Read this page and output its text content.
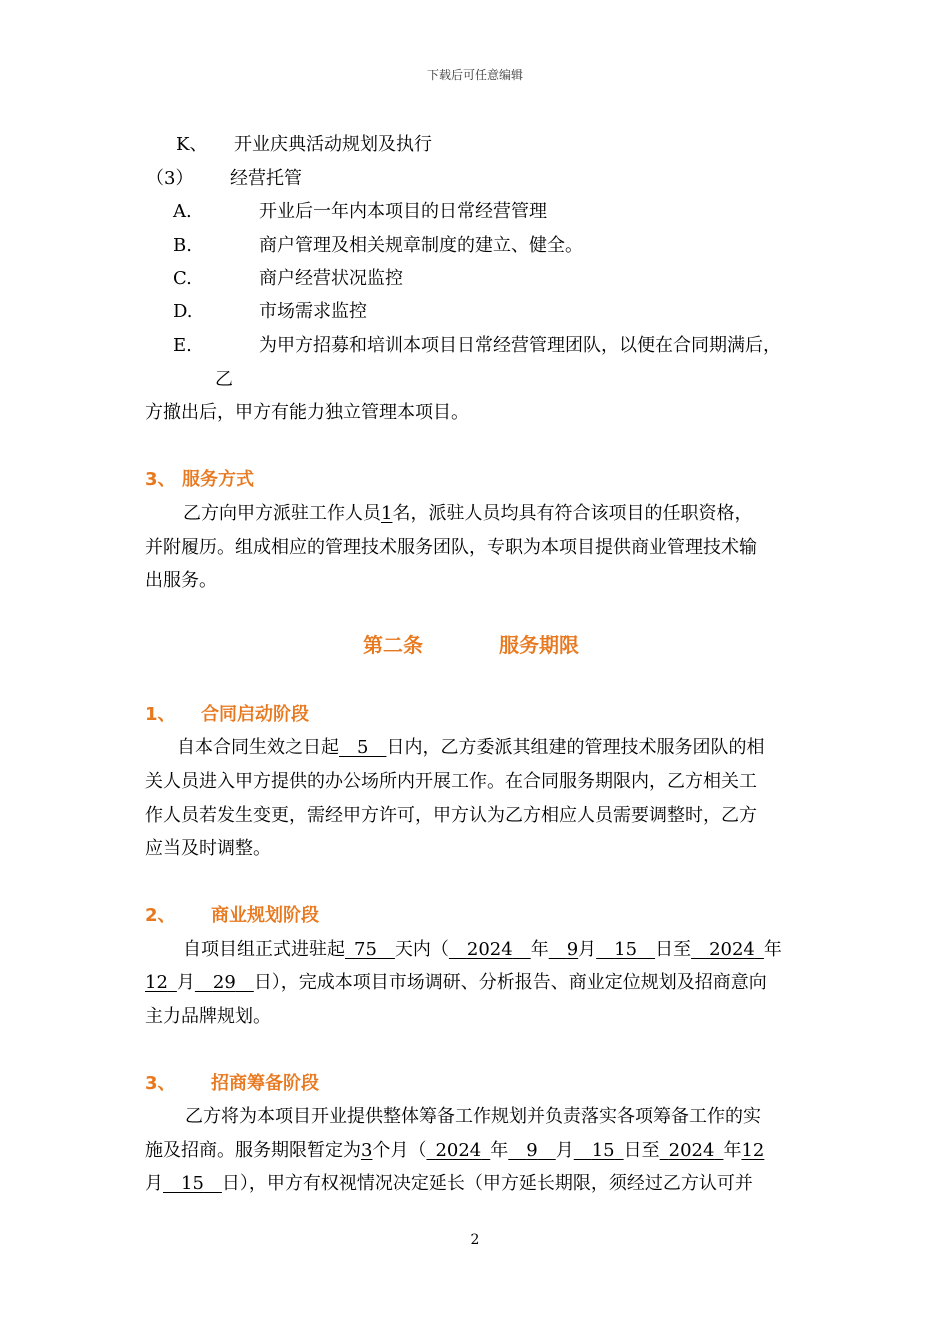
下载后可任意编辑
K、 开业庆典活动规划及执行
（3） 经营托管
A.	开业后一年内本项目的日常经营管理
B.	商户管理及相关规章制度的建立、健全。
C.	商户经营状况监控
D.	市场需求监控
E.	为甲方招募和培训本项目日常经营管理团队，以便在合同期满后，
乙
方撤出后，甲方有能力独立管理本项目。
3、 服务方式
乙方向甲方派驻工作人员1名，派驻人员均具有符合该项目的任职资格，
并附履历。组成相应的管理技术服务团队，专职为本项目提供商业管理技术输
出服务。
第二条	服务期限
1、 合同启动阶段
自本合同生效之日起   5   日内，乙方委派其组建的管理技术服务团队的相
关人员进入甲方提供的办公场所内开展工作。在合同服务期限内，乙方相关工
作人员若发生变更，需经甲方许可，甲方认为乙方相应人员需要调整时，乙方
应当及时调整。
2、 商业规划阶段
自项目组正式进驻起  75   天内（   2024   年   9月   15   日至   2024  年
12  月   29   日），完成本项目市场调研、分析报告、商业定位规划及招商意向
主力品牌规划。
3、 招商筹备阶段
乙方将为本项目开业提供整体筹备工作规划并负责落实各项筹备工作的实
施及招商。服务期限暂定为3个月（  2024  年   9   月   15  日至  2024  年12
月   15   日），甲方有权视情况决定延长（甲方延长期限，须经过乙方认可并
2
